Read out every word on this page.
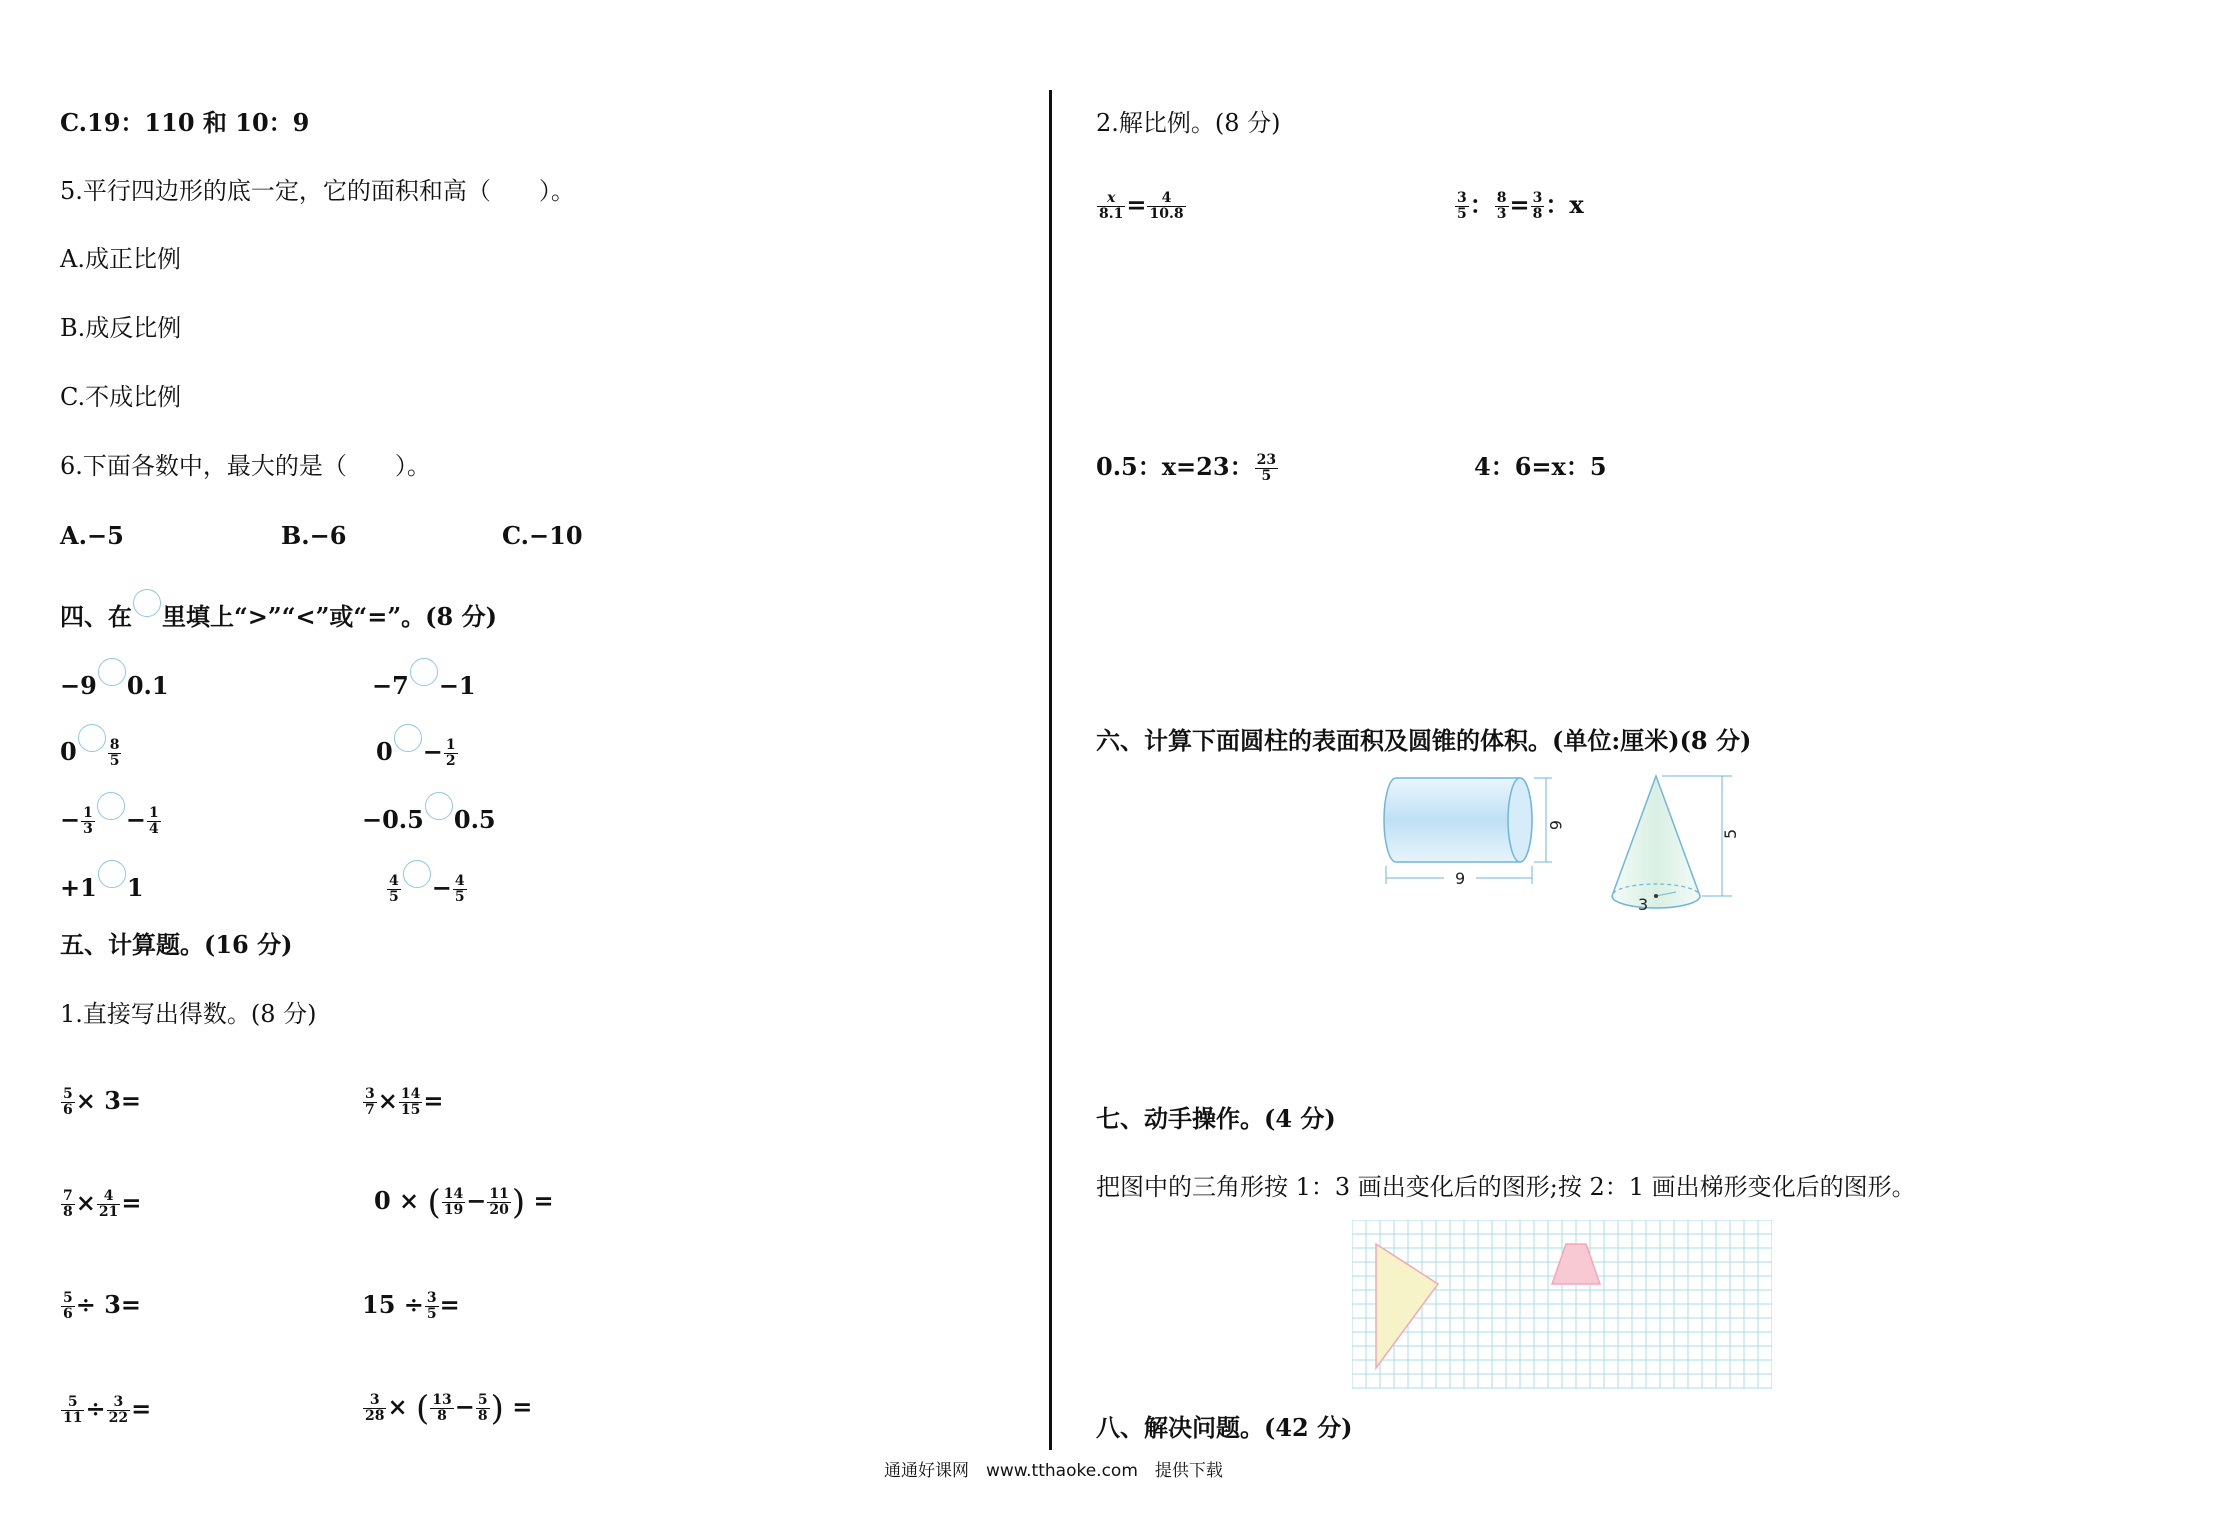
C.19：110 和 10：9
5.平行四边形的底一定，它的面积和高（　　）。
A.成正比例
B.成反比例
C.不成比例
6.下面各数中，最大的是（　　）。
A.−5	B.−6	C.−10
四、在 里填上“>”“<”或“=”。(8 分)
−9 0.1	−7 −1
$0 \frac{8}{5}$	$0 - \frac{1}{2}$
− $\frac{1}{3} - \frac{1}{4}$	−0.5 0.5
+1 1	$\frac{4}{5} - \frac{4}{5}$
五、计算题。(16 分)
1.直接写出得数。(8 分)
$\frac{5}{6} \times 3=$	$\frac{3}{7} \times \frac{14}{15}$ =
$\frac{7}{8} \times \frac{4}{21}$ =	0 × ( $\frac{14}{19} - \frac{11}{20}$ ) =
$\frac{5}{6} \div 3=$	$15 \div \frac{3}{5}$ =
$\frac{5}{11} \div \frac{3}{22}$ =	$\frac{3}{28}$ × ( $\frac{13}{8} - \frac{5}{8}$ ) =
2.解比例。(8 分)
$\frac{x}{8.1} = \frac{4}{10.8}$	$\frac{3}{5}$ ： $\frac{8}{3} = \frac{3}{8}$ ：x
0.5：x=23： $\frac{23}{5}$	4：6=x：5
六、计算下面圆柱的表面积及圆锥的体积。(单位:厘米)(8 分)
6
9
5
3
七、动手操作。(4 分)
把图中的三角形按 1：3 画出变化后的图形;按 2：1 画出梯形变化后的图形。
八、解决问题。(42 分)
通通好课网　www.tthaoke.com　提供下载
